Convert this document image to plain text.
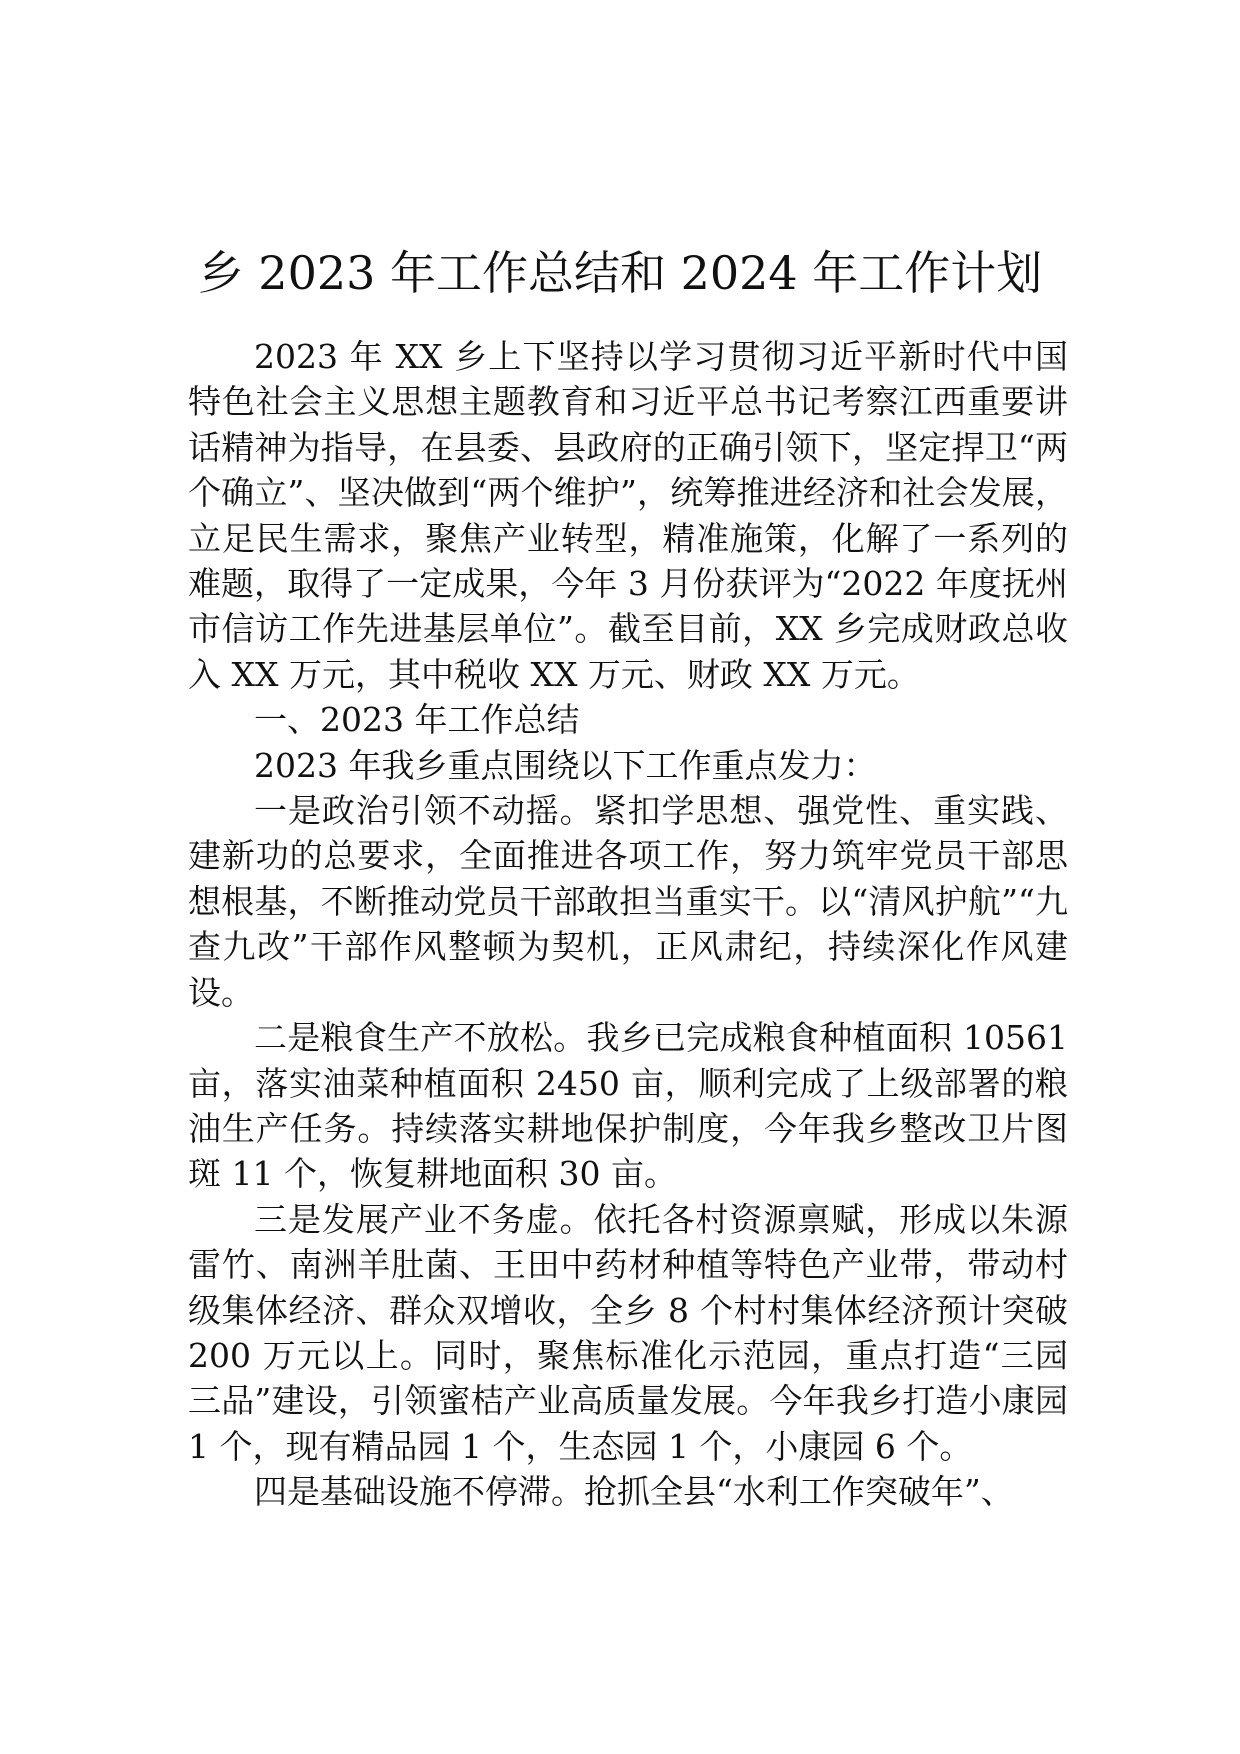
乡 2023 年工作总结和 2024 年工作计划

2023 年 XX 乡上下坚持以学习贯彻习近平新时代中国特色社会主义思想主题教育和习近平总书记考察江西重要讲话精神为指导，在县委、县政府的正确引领下，坚定捍卫“两个确立”、坚决做到“两个维护”，统筹推进经济和社会发展，立足民生需求，聚焦产业转型，精准施策，化解了一系列的难题，取得了一定成果，今年 3 月份获评为“2022 年度抚州市信访工作先进基层单位”。截至目前，XX 乡完成财政总收入 XX 万元，其中税收 XX 万元、财政 XX 万元。

一、2023 年工作总结

2023 年我乡重点围绕以下工作重点发力：

一是政治引领不动摇。紧扣学思想、强党性、重实践、建新功的总要求，全面推进各项工作，努力筑牢党员干部思想根基，不断推动党员干部敢担当重实干。以“清风护航”“九查九改”干部作风整顿为契机，正风肃纪，持续深化作风建设。

二是粮食生产不放松。我乡已完成粮食种植面积 10561 亩，落实油菜种植面积 2450 亩，顺利完成了上级部署的粮油生产任务。持续落实耕地保护制度，今年我乡整改卫片图斑 11 个，恢复耕地面积 30 亩。

三是发展产业不务虚。依托各村资源禀赋，形成以朱源雷竹、南洲羊肚菌、王田中药材种植等特色产业带，带动村级集体经济、群众双增收，全乡 8 个村村集体经济预计突破 200 万元以上。同时，聚焦标准化示范园，重点打造“三园三品”建设，引领蜜桔产业高质量发展。今年我乡打造小康园 1 个，现有精品园 1 个，生态园 1 个，小康园 6 个。

四是基础设施不停滞。抢抓全县“水利工作突破年”、
